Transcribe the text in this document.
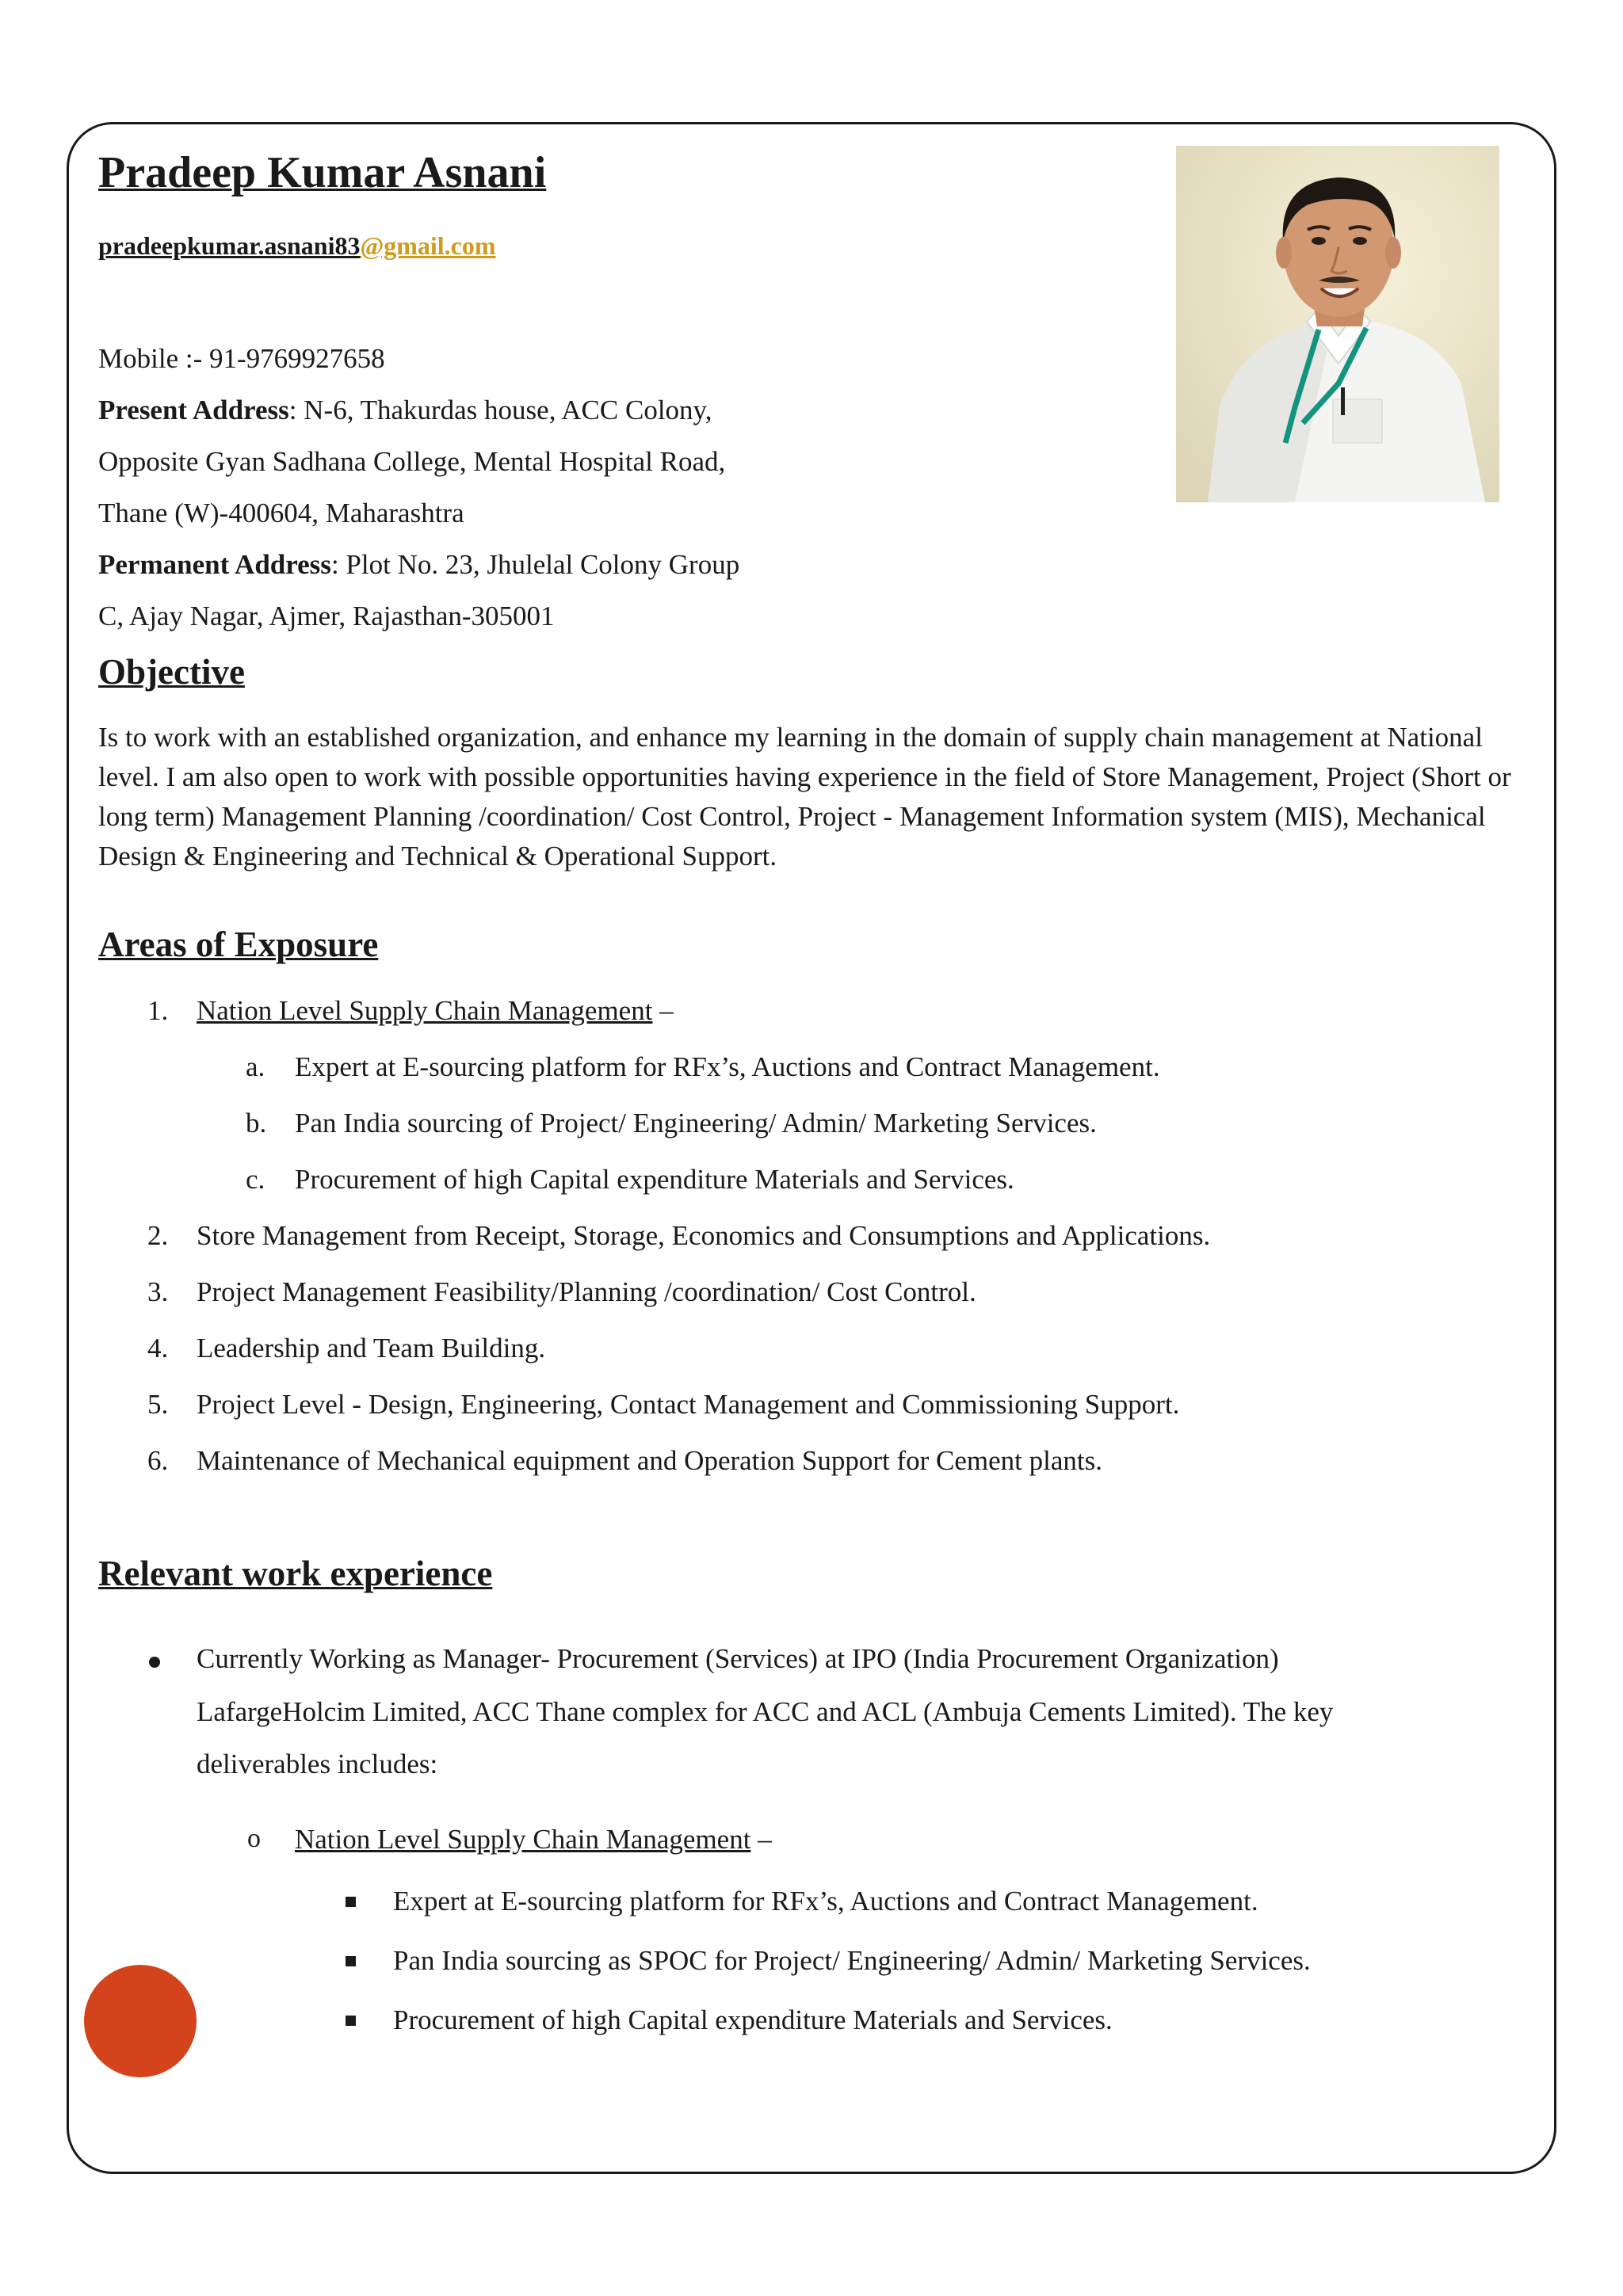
Pradeep Kumar Asnani
pradeepkumar.asnani83@gmail.com
Mobile :- 91-9769927658
Present Address: N-6, Thakurdas house, ACC Colony,
Opposite Gyan Sadhana College, Mental Hospital Road,
Thane (W)-400604, Maharashtra
Permanent Address: Plot No. 23, Jhulelal Colony Group
C, Ajay Nagar, Ajmer, Rajasthan-305001
Objective
Is to work with an established organization, and enhance my learning in the domain of supply chain management at National level. I am also open to work with possible opportunities having experience in the field of Store Management, Project (Short or long term) Management Planning /coordination/ Cost Control, Project - Management Information system (MIS), Mechanical Design & Engineering and Technical & Operational Support.
Areas of Exposure
1. Nation Level Supply Chain Management –
a. Expert at E-sourcing platform for RFx’s, Auctions and Contract Management.
b. Pan India sourcing of Project/ Engineering/ Admin/ Marketing Services.
c. Procurement of high Capital expenditure Materials and Services.
2. Store Management from Receipt, Storage, Economics and Consumptions and Applications.
3. Project Management Feasibility/Planning /coordination/ Cost Control.
4. Leadership and Team Building.
5. Project Level - Design, Engineering, Contact Management and Commissioning Support.
6. Maintenance of Mechanical equipment and Operation Support for Cement plants.
Relevant work experience
Currently Working as Manager- Procurement (Services) at IPO (India Procurement Organization)
LafargeHolcim Limited, ACC Thane complex for ACC and ACL (Ambuja Cements Limited). The key
deliverables includes:
o Nation Level Supply Chain Management –
Expert at E-sourcing platform for RFx’s, Auctions and Contract Management.
Pan India sourcing as SPOC for Project/ Engineering/ Admin/ Marketing Services.
Procurement of high Capital expenditure Materials and Services.
